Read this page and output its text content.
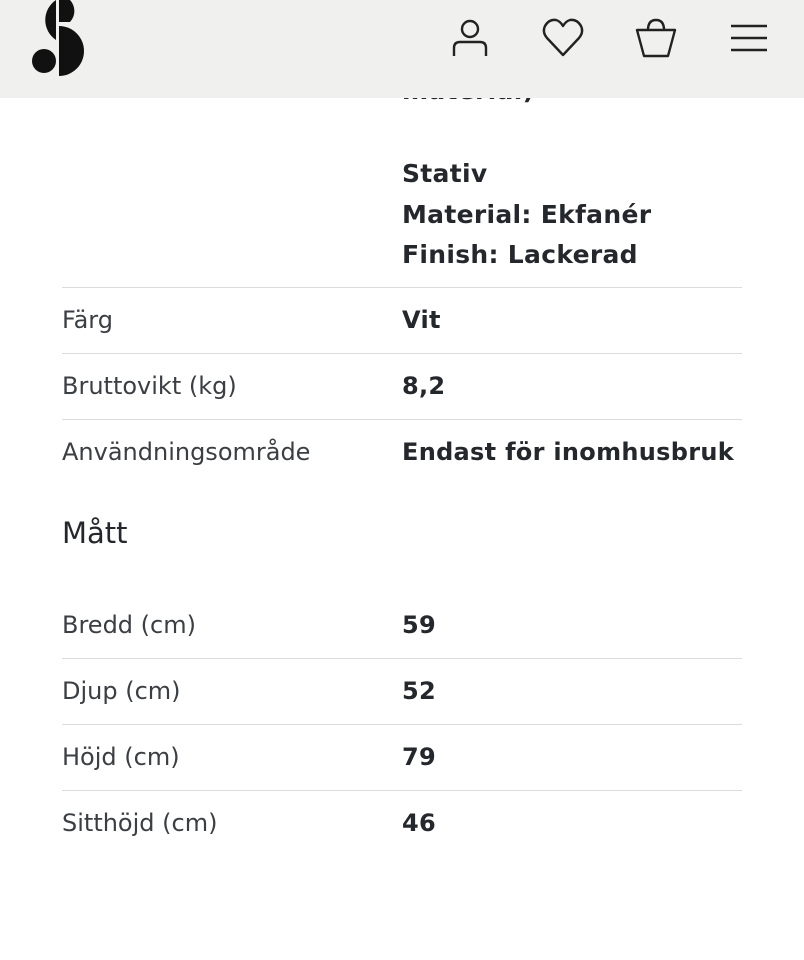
Stativ
Material: Ekfanér
Finish: Lackerad
Färg	Vit
Bruttovikt (kg)	8,2
Användningsområde	Endast för inomhusbruk
Mått
Bredd (cm)	59
Djup (cm)	52
Höjd (cm)	79
Sitthöjd (cm)	46
